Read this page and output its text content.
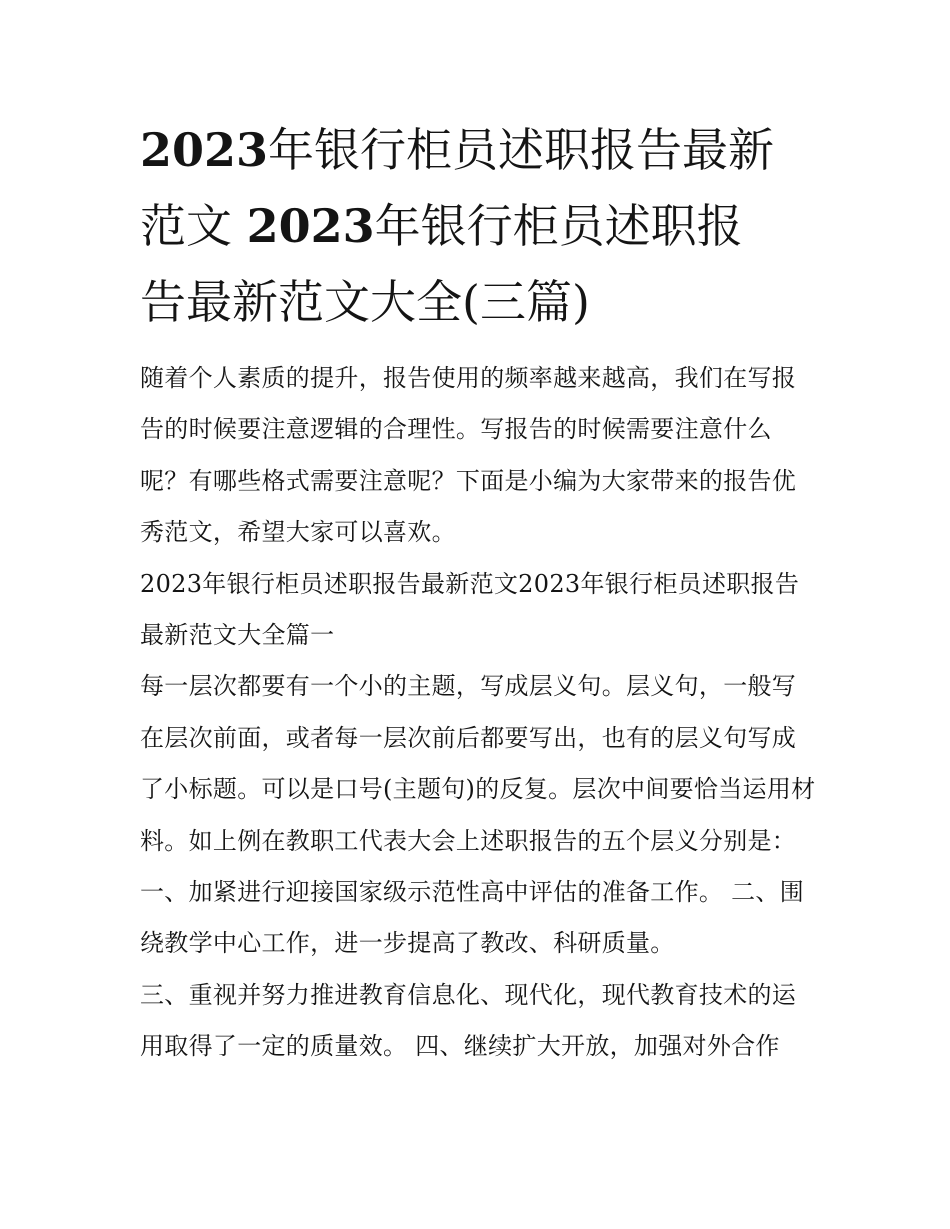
2023年银行柜员述职报告最新
范文 2023年银行柜员述职报
告最新范文大全(三篇)

随着个人素质的提升，报告使用的频率越来越高，我们在写报告的时候要注意逻辑的合理性。写报告的时候需要注意什么呢？有哪些格式需要注意呢？下面是小编为大家带来的报告优秀范文，希望大家可以喜欢。

2023年银行柜员述职报告最新范文2023年银行柜员述职报告最新范文大全篇一

每一层次都要有一个小的主题，写成层义句。层义句，一般写在层次前面，或者每一层次前后都要写出，也有的层义句写成了小标题。可以是口号(主题句)的反复。层次中间要恰当运用材料。如上例在教职工代表大会上述职报告的五个层义分别是：

一、加紧进行迎接国家级示范性高中评估的准备工作。 二、围绕教学中心工作，进一步提高了教改、科研质量。

三、重视并努力推进教育信息化、现代化，现代教育技术的运用取得了一定的质量效。 四、继续扩大开放，加强对外合作
